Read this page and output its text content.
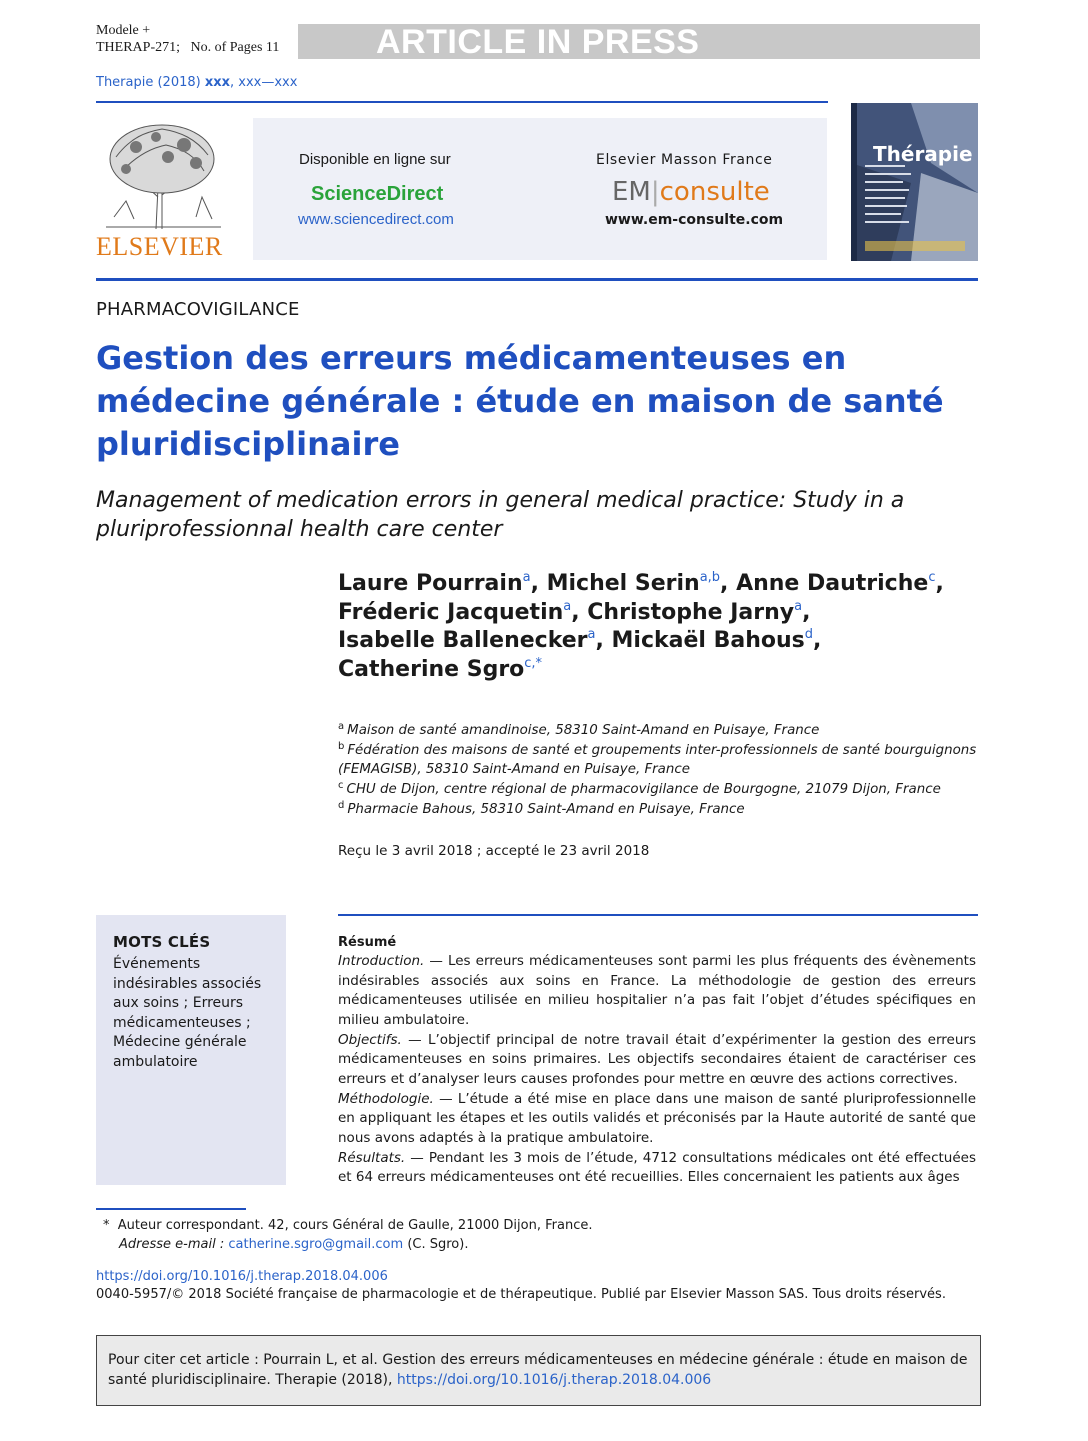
Modele +
THERAP-271; No. of Pages 11	ARTICLE IN PRESS
Therapie (2018) xxx, xxx—xxx
ELSEVIER
Disponible en ligne sur
ScienceDirect
www.sciencedirect.com
Elsevier Masson France
EM|consulte
www.em-consulte.com
Thérapie
PHARMACOVIGILANCE
Gestion des erreurs médicamenteuses en médecine générale : étude en maison de santé pluridisciplinaire
Management of medication errors in general medical practice: Study in a pluriprofessionnal health care center
Laure Pourrain$^a$, Michel Serin$^{a,b}$, Anne Dautriche$^c$,
Fréderic Jacquetin$^a$, Christophe Jarny$^a$,
Isabelle Ballenecker$^a$, Mickaël Bahous$^d$,
Catherine Sgro$^{c,*}$
$^a$ Maison de santé amandinoise, 58310 Saint-Amand en Puisaye, France
$^b$ Fédération des maisons de santé et groupements inter-professionnels de santé bourguignons (FEMAGISB), 58310 Saint-Amand en Puisaye, France
$^c$ CHU de Dijon, centre régional de pharmacovigilance de Bourgogne, 21079 Dijon, France
$^d$ Pharmacie Bahous, 58310 Saint-Amand en Puisaye, France
Reçu le 3 avril 2018 ; accepté le 23 avril 2018
MOTS CLÉS
Événements indésirables associés aux soins ; Erreurs médicamenteuses ; Médecine générale ambulatoire
Résumé

Introduction. — Les erreurs médicamenteuses sont parmi les plus fréquents des évènements indésirables associés aux soins en France. La méthodologie de gestion des erreurs médicamenteuses utilisée en milieu hospitalier n’a pas fait l’objet d’études spécifiques en milieu ambulatoire.

Objectifs. — L’objectif principal de notre travail était d’expérimenter la gestion des erreurs médicamenteuses en soins primaires. Les objectifs secondaires étaient de caractériser ces erreurs et d’analyser leurs causes profondes pour mettre en œuvre des actions correctives.

Méthodologie. — L’étude a été mise en place dans une maison de santé pluriprofessionnelle en appliquant les étapes et les outils validés et préconisés par la Haute autorité de santé que nous avons adaptés à la pratique ambulatoire.

Résultats. — Pendant les 3 mois de l’étude, 4712 consultations médicales ont été effectuées et 64 erreurs médicamenteuses ont été recueillies. Elles concernaient les patients aux âges

* Auteur correspondant. 42, cours Général de Gaulle, 21000 Dijon, France.
Adresse e-mail : catherine.sgro@gmail.com (C. Sgro).
https://doi.org/10.1016/j.therap.2018.04.006
0040-5957/© 2018 Société française de pharmacologie et de thérapeutique. Publié par Elsevier Masson SAS. Tous droits réservés.
Pour citer cet article : Pourrain L, et al. Gestion des erreurs médicamenteuses en médecine générale : étude en maison de santé pluridisciplinaire. Therapie (2018), https://doi.org/10.1016/j.therap.2018.04.006
